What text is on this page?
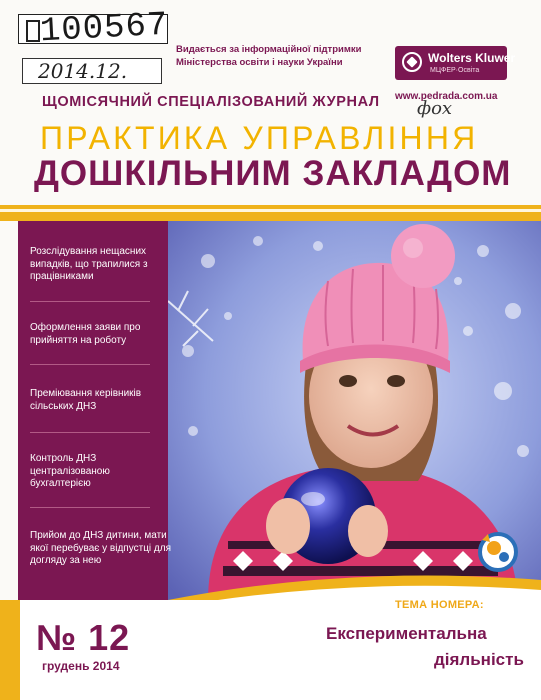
100567
2014.12.
Видається за інформаційної підтримки
Міністерства освіти і науки України	Wolters Kluwer
МЦФЕР·Освіта
www.pedrada.com.ua
фох
ЩОМІСЯЧНИЙ СПЕЦІАЛІЗОВАНИЙ ЖУРНАЛ
ПРАКТИКА УПРАВЛІННЯ
ДОШКІЛЬНИМ ЗАКЛАДОМ
Розслідування нещасних випадків, що трапилися з працівниками
Оформлення заяви про прийняття на роботу
Преміювання керівників сільських ДНЗ
Контроль ДНЗ централізованою бухгалтерією
Прийом до ДНЗ дитини, мати якої перебуває у відпустці для догляду за нею
№ 12
грудень 2014
ТЕМА НОМЕРА:
Експериментальна
діяльність
